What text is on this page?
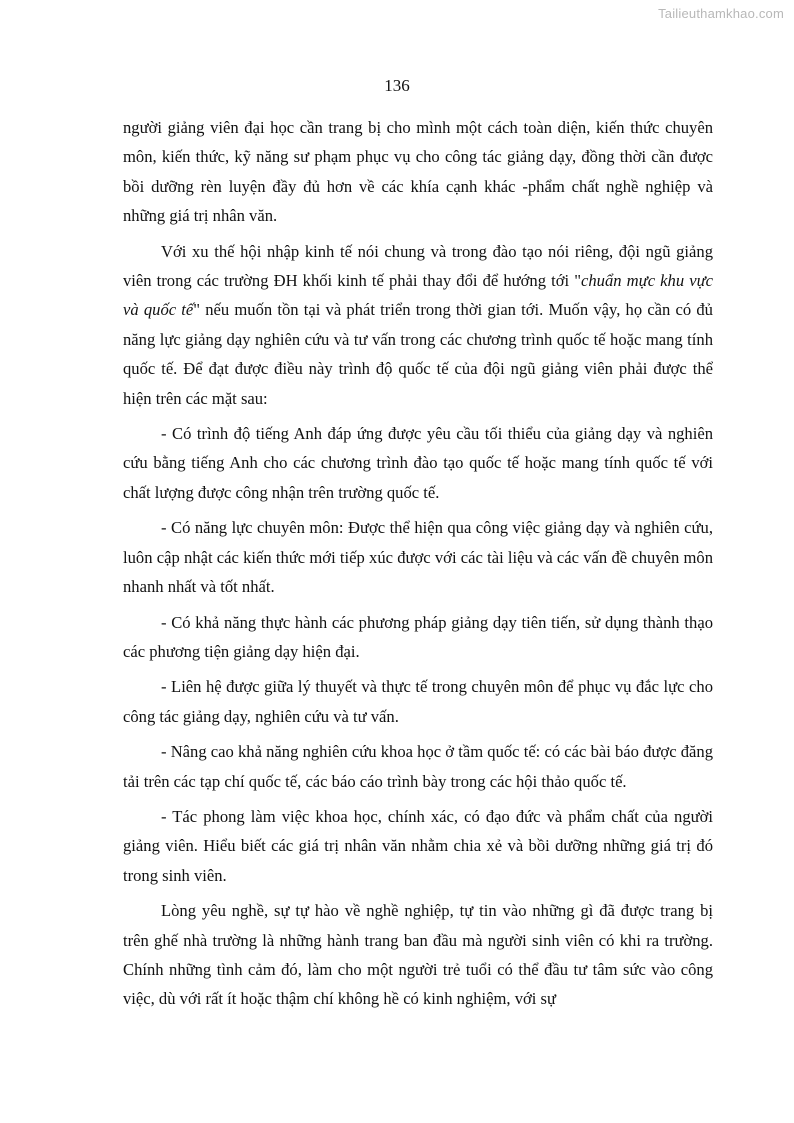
Tailieuthamkhao.com
136

người giảng viên đại học cần trang bị cho mình một cách toàn diện, kiến thức chuyên môn, kiến thức, kỹ năng sư phạm phục vụ cho công tác giảng dạy, đồng thời cần được bồi dưỡng rèn luyện đầy đủ hơn về các khía cạnh khác -phẩm chất nghề nghiệp và những giá trị nhân văn.

Với xu thế hội nhập kinh tế nói chung và trong đào tạo nói riêng, đội ngũ giảng viên trong các trường ĐH khối kinh tế phải thay đổi để hướng tới "chuẩn mực khu vực và quốc tế" nếu muốn tồn tại và phát triển trong thời gian tới. Muốn vậy, họ cần có đủ năng lực giảng dạy nghiên cứu và tư vấn trong các chương trình quốc tế hoặc mang tính quốc tế. Để đạt được điều này trình độ quốc tế của đội ngũ giảng viên phải được thể hiện trên các mặt sau:

- Có trình độ tiếng Anh đáp ứng được yêu cầu tối thiểu của giảng dạy và nghiên cứu bằng tiếng Anh cho các chương trình đào tạo quốc tế hoặc mang tính quốc tế với chất lượng được công nhận trên trường quốc tế.

- Có năng lực chuyên môn: Được thể hiện qua công việc giảng dạy và nghiên cứu, luôn cập nhật các kiến thức mới tiếp xúc được với các tài liệu và các vấn đề chuyên môn nhanh nhất và tốt nhất.

- Có khả năng thực hành các phương pháp giảng dạy tiên tiến, sử dụng thành thạo các phương tiện giảng dạy hiện đại.

- Liên hệ được giữa lý thuyết và thực tế trong chuyên môn để phục vụ đắc lực cho công tác giảng dạy, nghiên cứu và tư vấn.

- Nâng cao khả năng nghiên cứu khoa học ở tầm quốc tế: có các bài báo được đăng tải trên các tạp chí quốc tế, các báo cáo trình bày trong các hội thảo quốc tế.

- Tác phong làm việc khoa học, chính xác, có đạo đức và phẩm chất của người giảng viên. Hiểu biết các giá trị nhân văn nhằm chia xẻ và bồi dưỡng những giá trị đó trong sinh viên.

Lòng yêu nghề, sự tự hào về nghề nghiệp, tự tin vào những gì đã được trang bị trên ghế nhà trường là những hành trang ban đầu mà người sinh viên có khi ra trường. Chính những tình cảm đó, làm cho một người trẻ tuổi có thể đầu tư tâm sức vào công việc, dù với rất ít hoặc thậm chí không hề có kinh nghiệm, với sự
